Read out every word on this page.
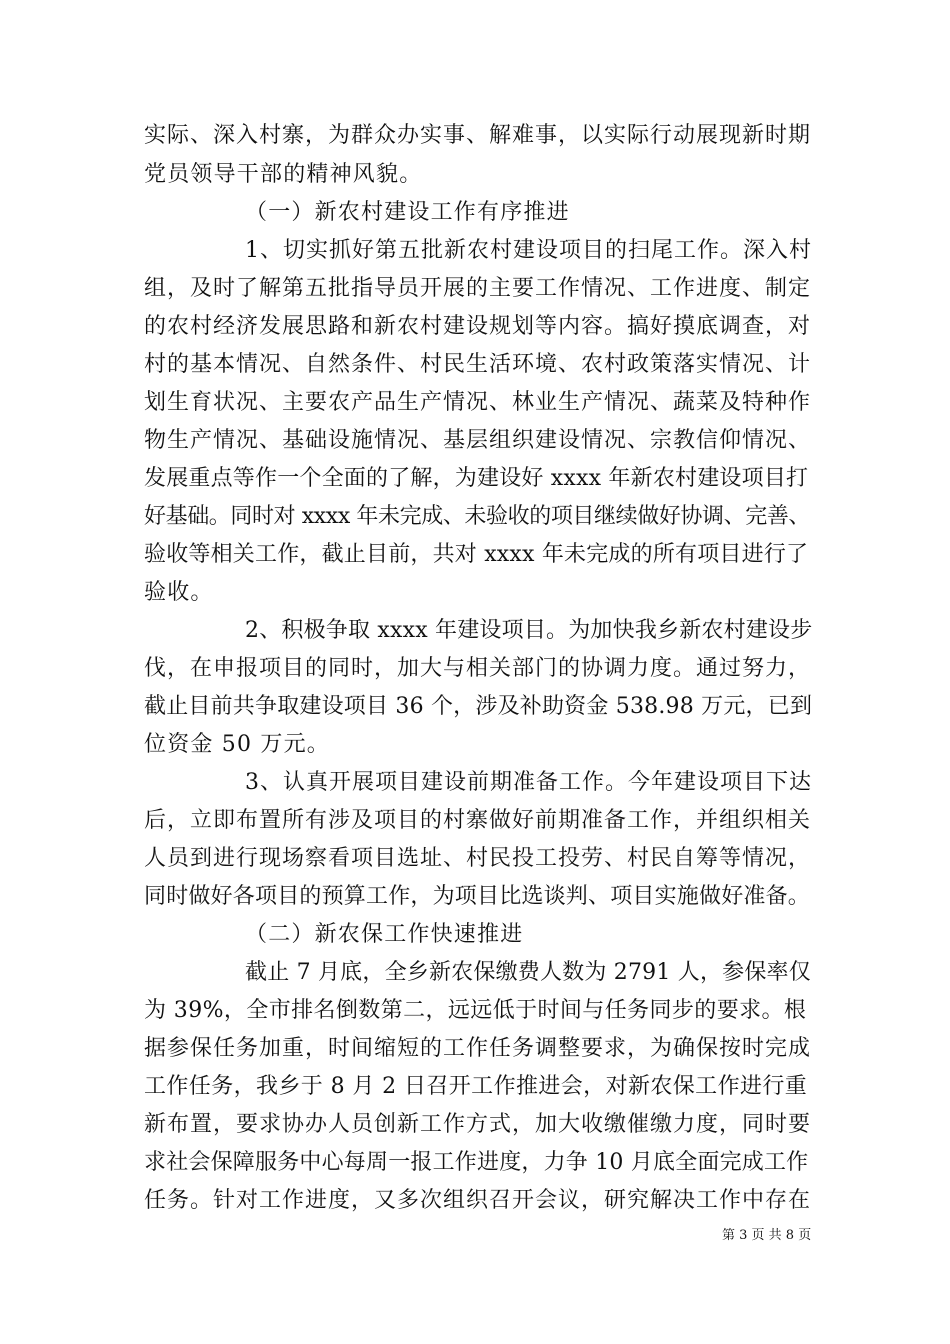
实际、深入村寨，为群众办实事、解难事，以实际行动展现新时期
党员领导干部的精神风貌。
（一）新农村建设工作有序推进
1、切实抓好第五批新农村建设项目的扫尾工作。深入村
组，及时了解第五批指导员开展的主要工作情况、工作进度、制定
的农村经济发展思路和新农村建设规划等内容。搞好摸底调查，对
村的基本情况、自然条件、村民生活环境、农村政策落实情况、计
划生育状况、主要农产品生产情况、林业生产情况、蔬菜及特种作
物生产情况、基础设施情况、基层组织建设情况、宗教信仰情况、
发展重点等作一个全面的了解，为建设好 xxxx 年新农村建设项目打
好基础。同时对 xxxx 年未完成、未验收的项目继续做好协调、完善、
验收等相关工作，截止目前，共对 xxxx 年未完成的所有项目进行了
验收。
2、积极争取 xxxx 年建设项目。为加快我乡新农村建设步
伐，在申报项目的同时，加大与相关部门的协调力度。通过努力，
截止目前共争取建设项目 36 个，涉及补助资金 538.98 万元，已到
位资金 50 万元。
3、认真开展项目建设前期准备工作。今年建设项目下达
后，立即布置所有涉及项目的村寨做好前期准备工作，并组织相关
人员到进行现场察看项目选址、村民投工投劳、村民自筹等情况，
同时做好各项目的预算工作，为项目比选谈判、项目实施做好准备。
（二）新农保工作快速推进
截止 7 月底，全乡新农保缴费人数为 2791 人，参保率仅
为 39%，全市排名倒数第二，远远低于时间与任务同步的要求。根
据参保任务加重，时间缩短的工作任务调整要求，为确保按时完成
工作任务，我乡于 8 月 2 日召开工作推进会，对新农保工作进行重
新布置，要求协办人员创新工作方式，加大收缴催缴力度，同时要
求社会保障服务中心每周一报工作进度，力争 10 月底全面完成工作
任务。针对工作进度，又多次组织召开会议，研究解决工作中存在
第 3 页 共 8 页
